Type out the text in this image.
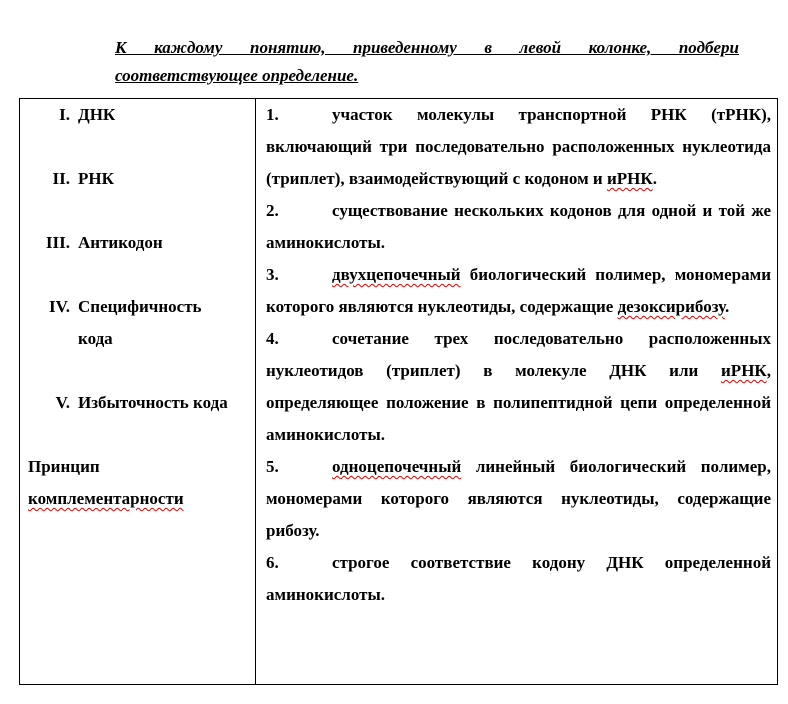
К каждому понятию, приведенному в левой колонке, подбери
соответствующее определение.
I. ДНК
II. РНК
III. Антикодон
IV. Специфичность
кода
V. Избыточность кода
Принцип
комплементарности

1.	участок молекулы транспортной РНК (тРНК), включающий три последовательно расположенных нуклеотида (триплет), взаимодействующий с кодоном и иРНК.
2.	существование нескольких кодонов для одной и той же аминокислоты.
3.	двухцепочечный биологический полимер, мономерами которого являются нуклеотиды, содержащие дезоксирибозу.
4.	сочетание трех последовательно расположенных нуклеотидов (триплет) в молекуле ДНК или иРНК, определяющее положение в полипептидной цепи определенной аминокислоты.
5.	одноцепочечный линейный биологический полимер, мономерами которого являются нуклеотиды, содержащие рибозу.
6.	строгое соответствие кодону ДНК определенной аминокислоты.
